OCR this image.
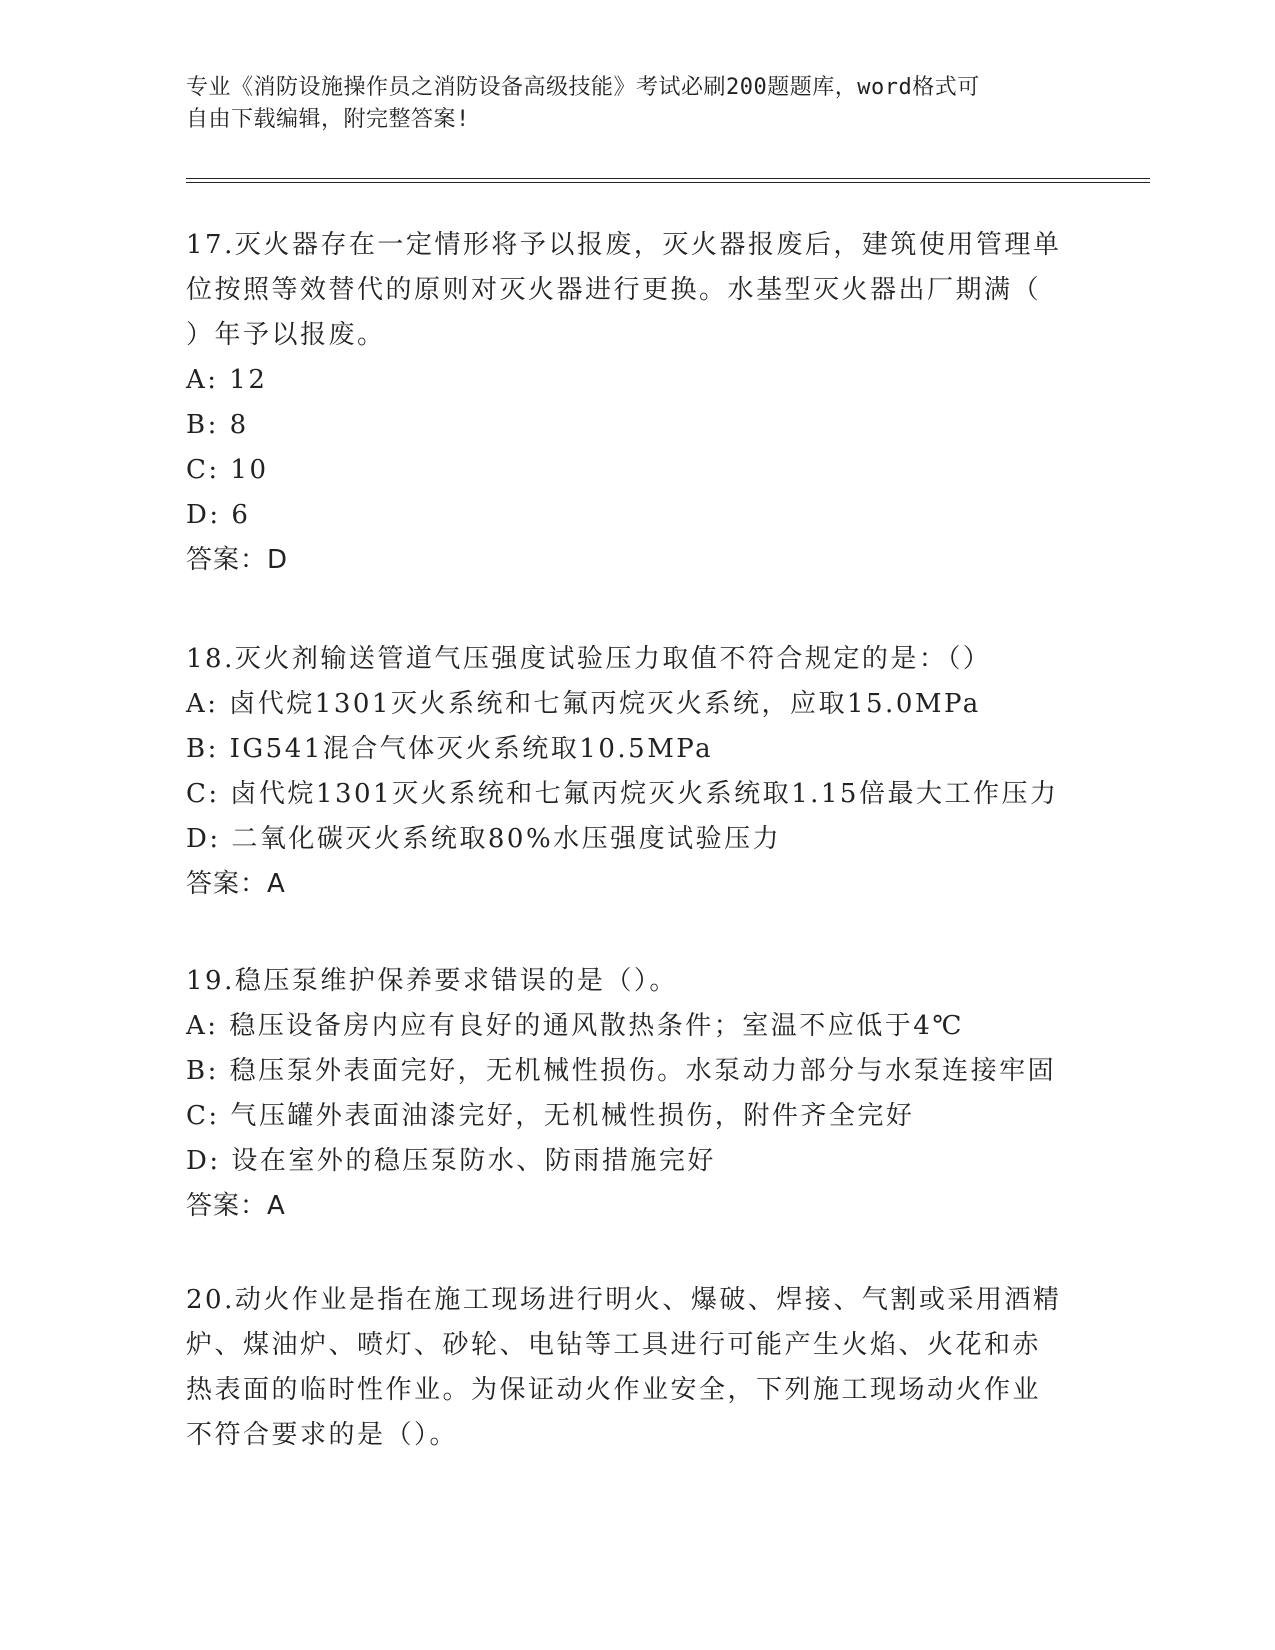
专业《消防设施操作员之消防设备高级技能》考试必刷200题题库，word格式可
自由下载编辑，附完整答案!
17.灭火器存在一定情形将予以报废，灭火器报废后，建筑使用管理单
位按照等效替代的原则对灭火器进行更换。水基型灭火器出厂期满（
）年予以报废。
A: 12
B: 8
C: 10
D: 6
答案：D
18.灭火剂输送管道气压强度试验压力取值不符合规定的是：（）
A: 卤代烷1301灭火系统和七氟丙烷灭火系统，应取15.0MPa
B: IG541混合气体灭火系统取10.5MPa
C: 卤代烷1301灭火系统和七氟丙烷灭火系统取1.15倍最大工作压力
D: 二氧化碳灭火系统取80%水压强度试验压力
答案：A
19.稳压泵维护保养要求错误的是（）。
A: 稳压设备房内应有良好的通风散热条件；室温不应低于4℃
B: 稳压泵外表面完好，无机械性损伤。水泵动力部分与水泵连接牢固
C: 气压罐外表面油漆完好，无机械性损伤，附件齐全完好
D: 设在室外的稳压泵防水、防雨措施完好
答案：A
20.动火作业是指在施工现场进行明火、爆破、焊接、气割或采用酒精
炉、煤油炉、喷灯、砂轮、电钻等工具进行可能产生火焰、火花和赤
热表面的临时性作业。为保证动火作业安全，下列施工现场动火作业
不符合要求的是（）。
